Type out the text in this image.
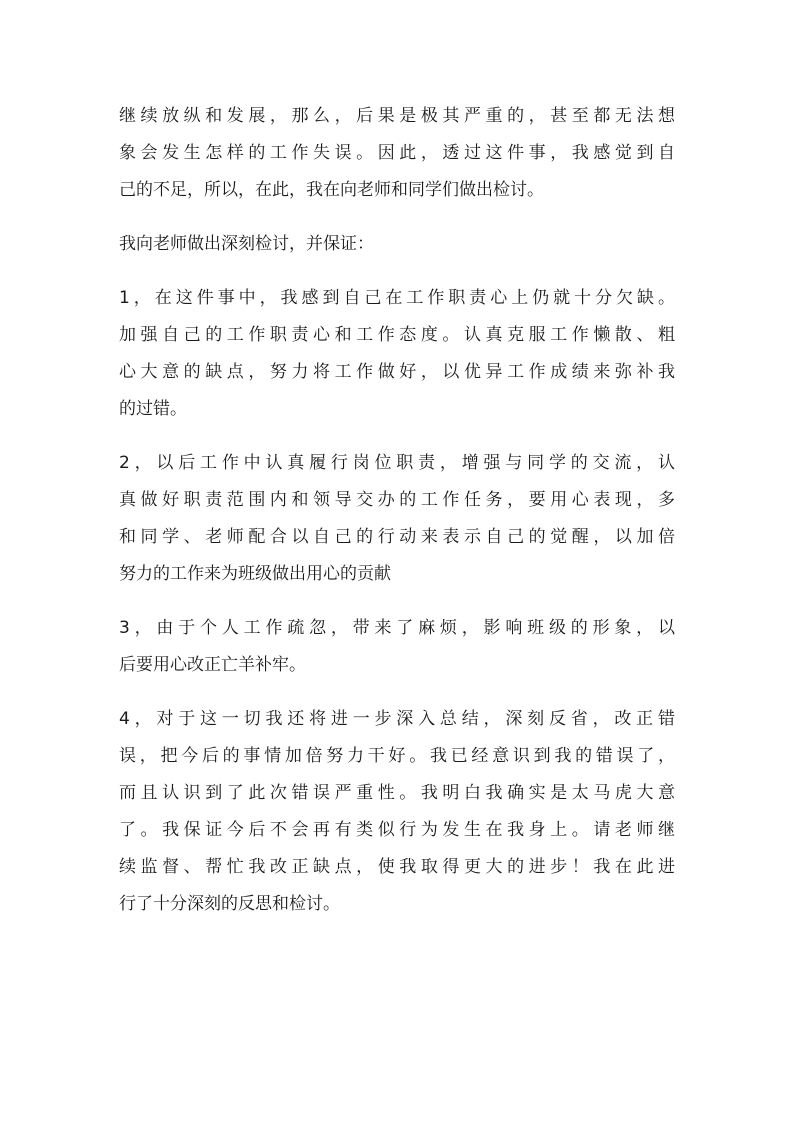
继续放纵和发展，那么，后果是极其严重的，甚至都无法想
象会发生怎样的工作失误。因此，透过这件事，我感觉到自
己的不足，所以，在此，我在向老师和同学们做出检讨。
我向老师做出深刻检讨，并保证：
1，在这件事中，我感到自己在工作职责心上仍就十分欠缺。
加强自己的工作职责心和工作态度。认真克服工作懒散、粗
心大意的缺点，努力将工作做好，以优异工作成绩来弥补我
的过错。
2，以后工作中认真履行岗位职责，增强与同学的交流，认
真做好职责范围内和领导交办的工作任务，要用心表现，多
和同学、老师配合以自己的行动来表示自己的觉醒，以加倍
努力的工作来为班级做出用心的贡献
3，由于个人工作疏忽，带来了麻烦，影响班级的形象，以
后要用心改正亡羊补牢。
4，对于这一切我还将进一步深入总结，深刻反省，改正错
误，把今后的事情加倍努力干好。我已经意识到我的错误了，
而且认识到了此次错误严重性。我明白我确实是太马虎大意
了。我保证今后不会再有类似行为发生在我身上。请老师继
续监督、帮忙我改正缺点，使我取得更大的进步！我在此进
行了十分深刻的反思和检讨。
